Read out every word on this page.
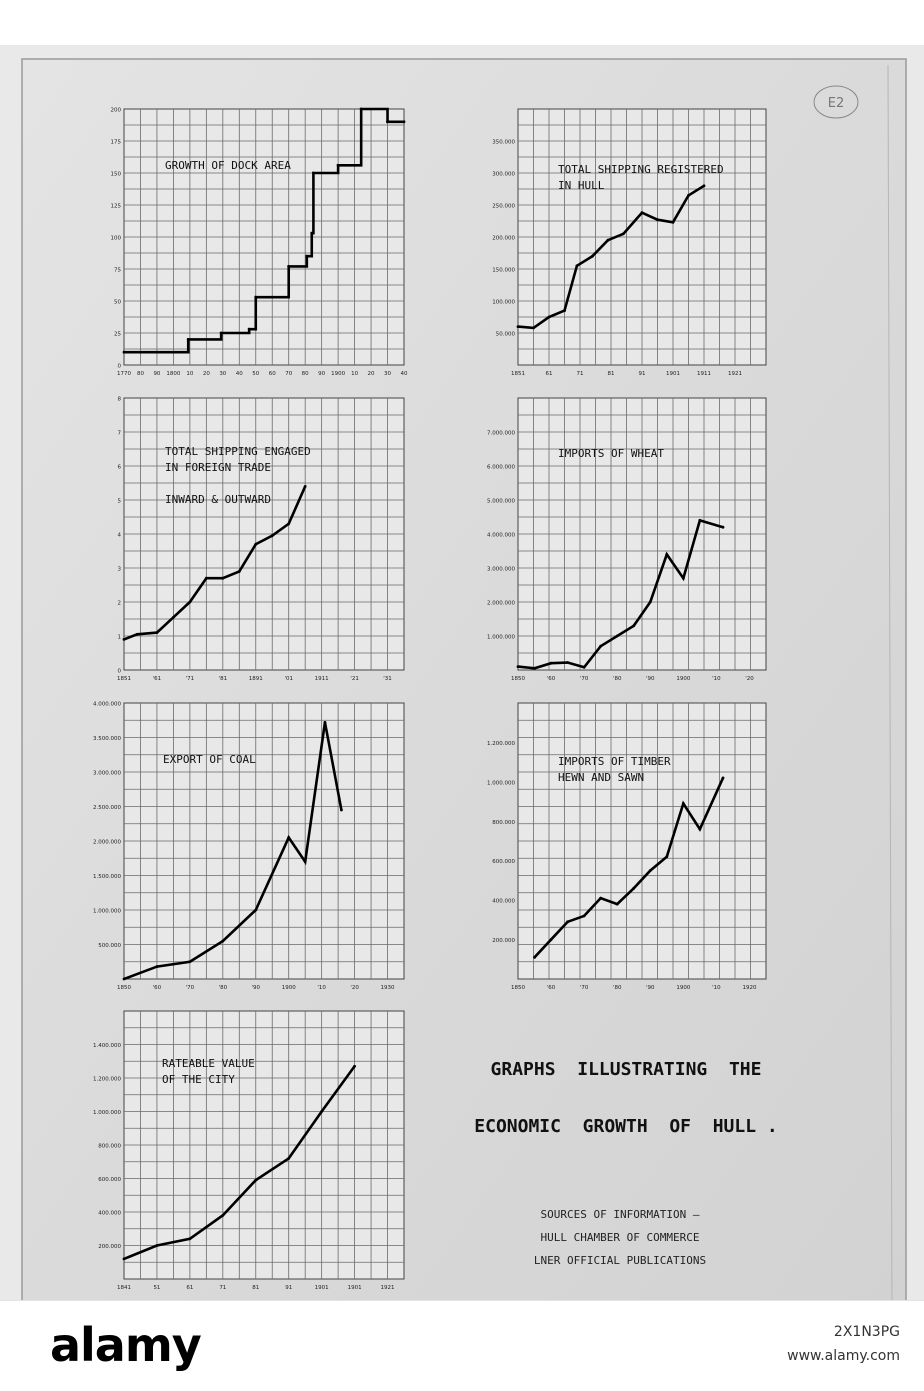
E2
0
25
50
75
100
125
150
175
200
1770 80 90 1800 10 20 30 40 50 60 70 80 90 1900 10 20 30 40
GROWTH OF DOCK AREA
50.000
100.000
150.000
200.000
250.000
300.000
350.000
1851	61	71	81	91	1901	1911	1921
TOTAL SHIPPING REGISTERED
IN HULL
0
1
2
3
4
5
6
7
8
1851	'61	'71	'81	1891	'01	1911	'21	'31
TOTAL SHIPPING ENGAGED
IN FOREIGN TRADE
INWARD & OUTWARD
1.000.000
2.000.000
3.000.000
4.000.000
5.000.000
6.000.000
7.000.000
1850	'60	'70	'80	'90	1900	'10	'20
IMPORTS OF WHEAT
500.000
1.000.000
1.500.000
2.000.000
2.500.000
3.000.000
3.500.000
4.000.000
1850	'60	'70	'80	'90	1900	'10	'20	1930
EXPORT OF COAL
200.000
400.000
600.000
800.000
1.000.000
1.200.000
1850	'60	'70	'80	'90	1900	'10	1920
IMPORTS OF TIMBER
HEWN AND SAWN
200.000
400.000
600.000
800.000
1.000.000
1.200.000
1.400.000
1841	51	61	71	81	91	1901	1901	1921
RATEABLE VALUE
OF THE CITY	GRAPHS  ILLUSTRATING  THE
ECONOMIC  GROWTH  OF  HULL .
SOURCES OF INFORMATION —
HULL CHAMBER OF COMMERCE
LNER OFFICIAL PUBLICATIONS
alamy	2X1N3PG
www.alamy.com
